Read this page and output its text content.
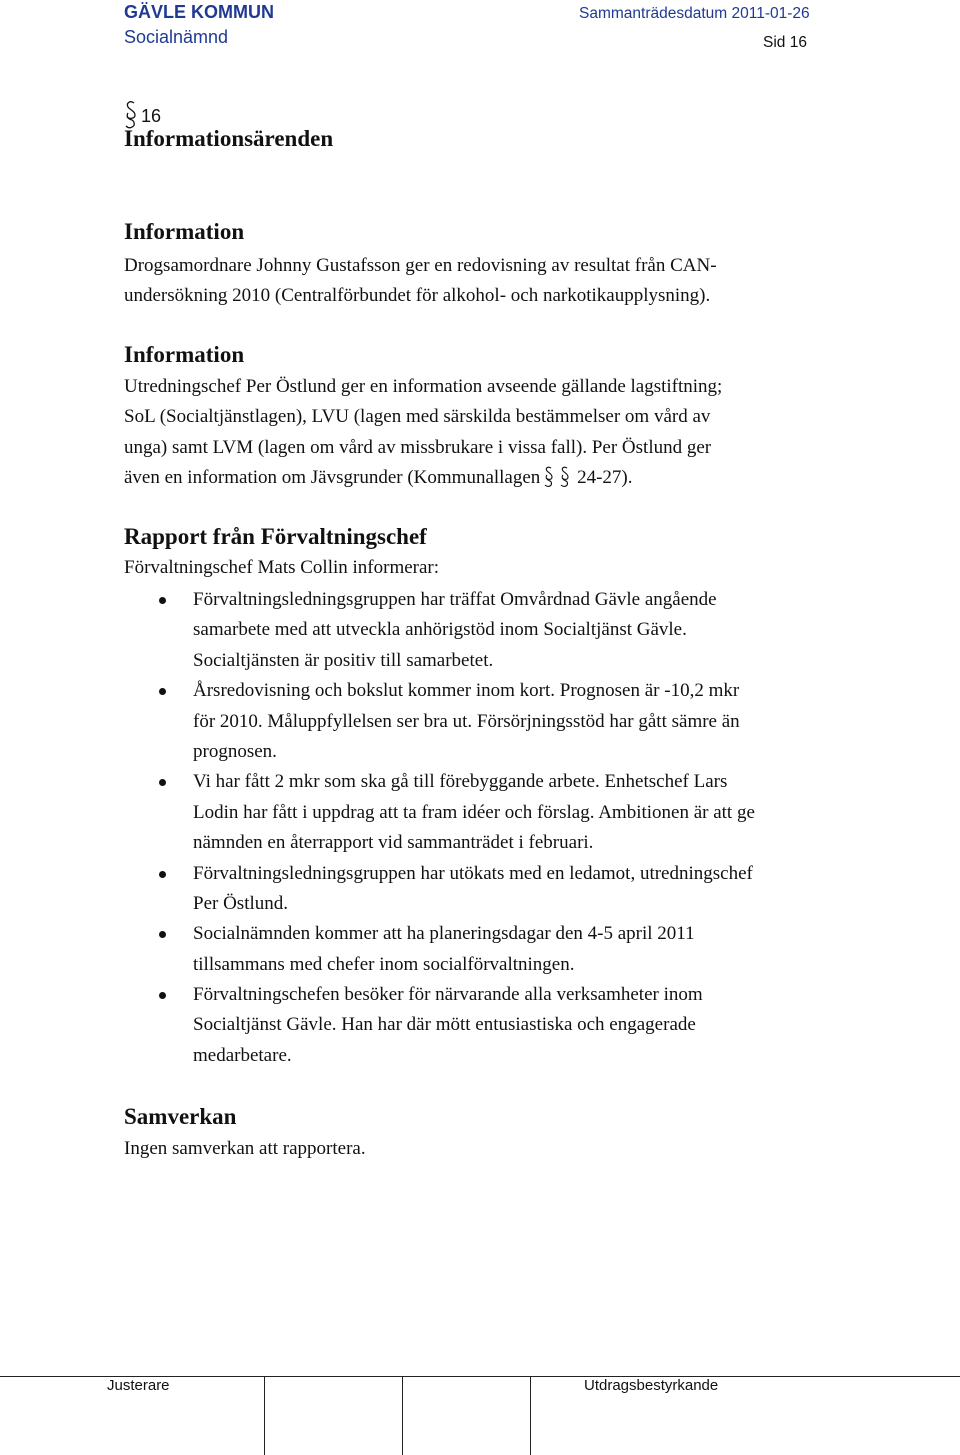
GÄVLE KOMMUN	Sammanträdesdatum 2011-01-26
Socialnämnd	Sid 16
16
Informationsärenden
Information
Drogsamordnare Johnny Gustafsson ger en redovisning av resultat från CAN-
undersökning 2010 (Centralförbundet för alkohol- och narkotikaupplysning).
Information
Utredningschef Per Östlund ger en information avseende gällande lagstiftning;
SoL (Socialtjänstlagen), LVU (lagen med särskilda bestämmelser om vård av
unga) samt LVM (lagen om vård av missbrukare i vissa fall). Per Östlund ger
även en information om Jävsgrunder (Kommunallagen 24-27).
Rapport från Förvaltningschef
Förvaltningschef Mats Collin informerar:
Förvaltningsledningsgruppen har träffat Omvårdnad Gävle angående
samarbete med att utveckla anhörigstöd inom Socialtjänst Gävle.
Socialtjänsten är positiv till samarbetet.
Årsredovisning och bokslut kommer inom kort. Prognosen är -10,2 mkr
för 2010. Måluppfyllelsen ser bra ut. Försörjningsstöd har gått sämre än
prognosen.
Vi har fått 2 mkr som ska gå till förebyggande arbete. Enhetschef Lars
Lodin har fått i uppdrag att ta fram idéer och förslag. Ambitionen är att ge
nämnden en återrapport vid sammanträdet i februari.
Förvaltningsledningsgruppen har utökats med en ledamot, utredningschef
Per Östlund.
Socialnämnden kommer att ha planeringsdagar den 4-5 april 2011
tillsammans med chefer inom socialförvaltningen.
Förvaltningschefen besöker för närvarande alla verksamheter inom
Socialtjänst Gävle. Han har där mött entusiastiska och engagerade
medarbetare.
Samverkan
Ingen samverkan att rapportera.
Justerare	Utdragsbestyrkande
